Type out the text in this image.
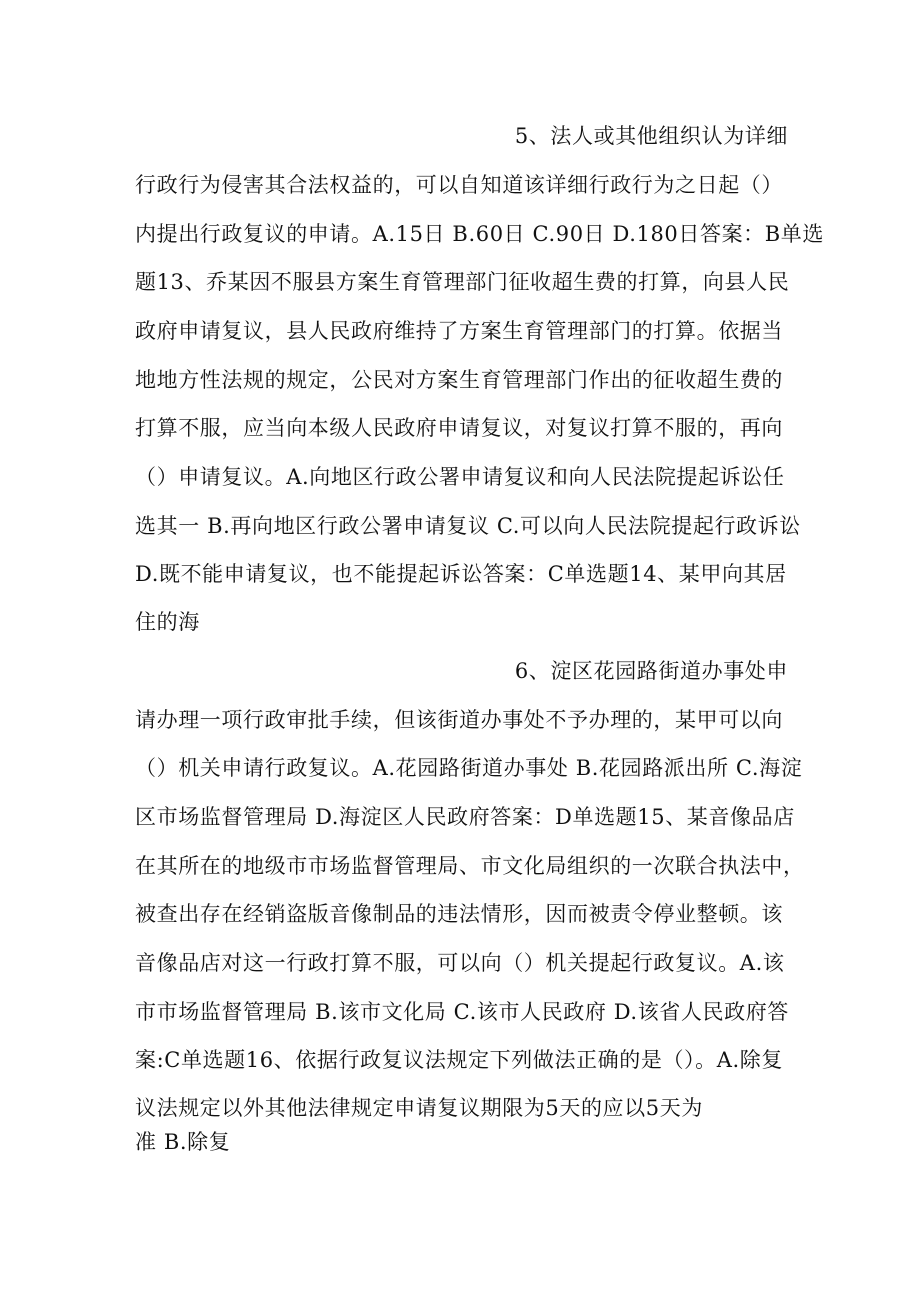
5、法人或其他组织认为详细
行政行为侵害其合法权益的，可以自知道该详细行政行为之日起（）
内提出行政复议的申请。A.15日 B.60日 C.90日 D.180日答案：B单选
题13、乔某因不服县方案生育管理部门征收超生费的打算，向县人民
政府申请复议，县人民政府维持了方案生育管理部门的打算。依据当
地地方性法规的规定，公民对方案生育管理部门作出的征收超生费的
打算不服，应当向本级人民政府申请复议，对复议打算不服的，再向
（）申请复议。A.向地区行政公署申请复议和向人民法院提起诉讼任
选其一 B.再向地区行政公署申请复议 C.可以向人民法院提起行政诉讼
D.既不能申请复议，也不能提起诉讼答案：C单选题14、某甲向其居
住的海
6、淀区花园路街道办事处申
请办理一项行政审批手续，但该街道办事处不予办理的，某甲可以向
（）机关申请行政复议。A.花园路街道办事处 B.花园路派出所 C.海淀
区市场监督管理局 D.海淀区人民政府答案：D单选题15、某音像品店
在其所在的地级市市场监督管理局、市文化局组织的一次联合执法中，
被查出存在经销盗版音像制品的违法情形，因而被责令停业整顿。该
音像品店对这一行政打算不服，可以向（）机关提起行政复议。A.该
市市场监督管理局 B.该市文化局 C.该市人民政府 D.该省人民政府答
案:C单选题16、依据行政复议法规定下列做法正确的是（）。A.除复
议法规定以外其他法律规定申请复议期限为5天的应以5天为
准 B.除复
